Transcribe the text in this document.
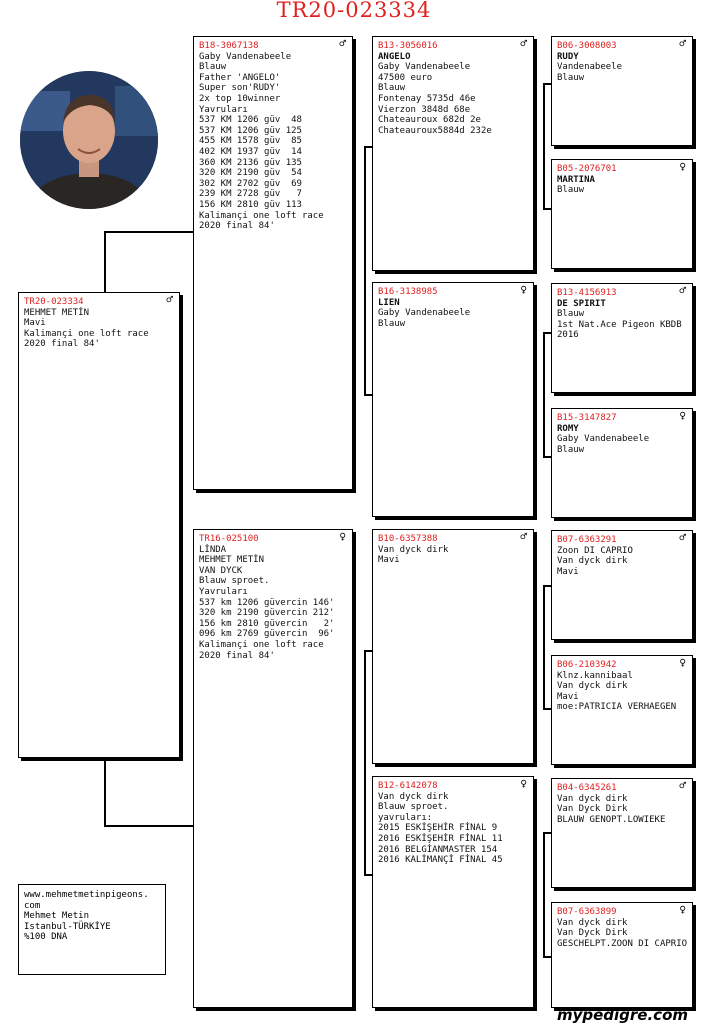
TR20-023334
TR20-023334	♂
MEHMET METİN
Mavi
Kalimançi one loft race
2020 final 84'
B18-3067138	♂
Gaby Vandenabeele
Blauw
Father 'ANGELO'
Super son'RUDY'
2x top 10winner
Yavruları
537 KM 1206 güv  48
537 KM 1206 güv 125
455 KM 1578 güv  85
402 KM 1937 güv  14
360 KM 2136 güv 135
320 KM 2190 güv  54
302 KM 2702 güv  69
239 KM 2728 güv   7
156 KM 2810 güv 113
Kalimançi one loft race
2020 final 84'
TR16-025100	♀
LİNDA
MEHMET METİN
VAN DYCK
Blauw sproet.
Yavruları
537 km 1206 güvercin 146'
320 km 2190 güvercin 212'
156 km 2810 güvercin   2'
096 km 2769 güvercin  96'
Kalimançi one loft race
2020 final 84'
B13-3056016	♂
ANGELO
Gaby Vandenabeele
47500 euro
Blauw
Fontenay 5735d 46e
Vierzon 3848d 68e
Chateauroux 682d 2e
Chateauroux5884d 232e
B16-3138985	♀
LIEN
Gaby Vandenabeele
Blauw
B10-6357388	♂
Van dyck dirk
Mavi
B12-6142078	♀
Van dyck dirk
Blauw sproet.
yavruları:
2015 ESKİŞEHİR FİNAL 9
2016 ESKİŞEHİR FİNAL 11
2016 BELGİANMASTER 154
2016 KALİMANÇİ FİNAL 45
B06-3008003	♂
RUDY
Vandenabeele
Blauw
B05-2076701	♀
MARTINA
Blauw
B13-4156913	♂
DE SPIRIT
Blauw
1st Nat.Ace Pigeon KBDB
2016
B15-3147827	♀
ROMY
Gaby Vandenabeele
Blauw
B07-6363291	♂
Zoon DI CAPRIO
Van dyck dirk
Mavi
B06-2103942	♀
Klnz.kannibaal
Van dyck dirk
Mavi
moe:PATRICIA VERHAEGEN
B04-6345261	♂
Van dyck dirk
Van Dyck Dirk
BLAUW GENOPT.LOWIEKE
B07-6363899	♀
Van dyck dirk
Van Dyck Dirk
GESCHELPT.ZOON DI CAPRIO
www.mehmetmetinpigeons.
com
Mehmet Metin
Istanbul-TÜRKİYE
%100 DNA
mypedigre.com
